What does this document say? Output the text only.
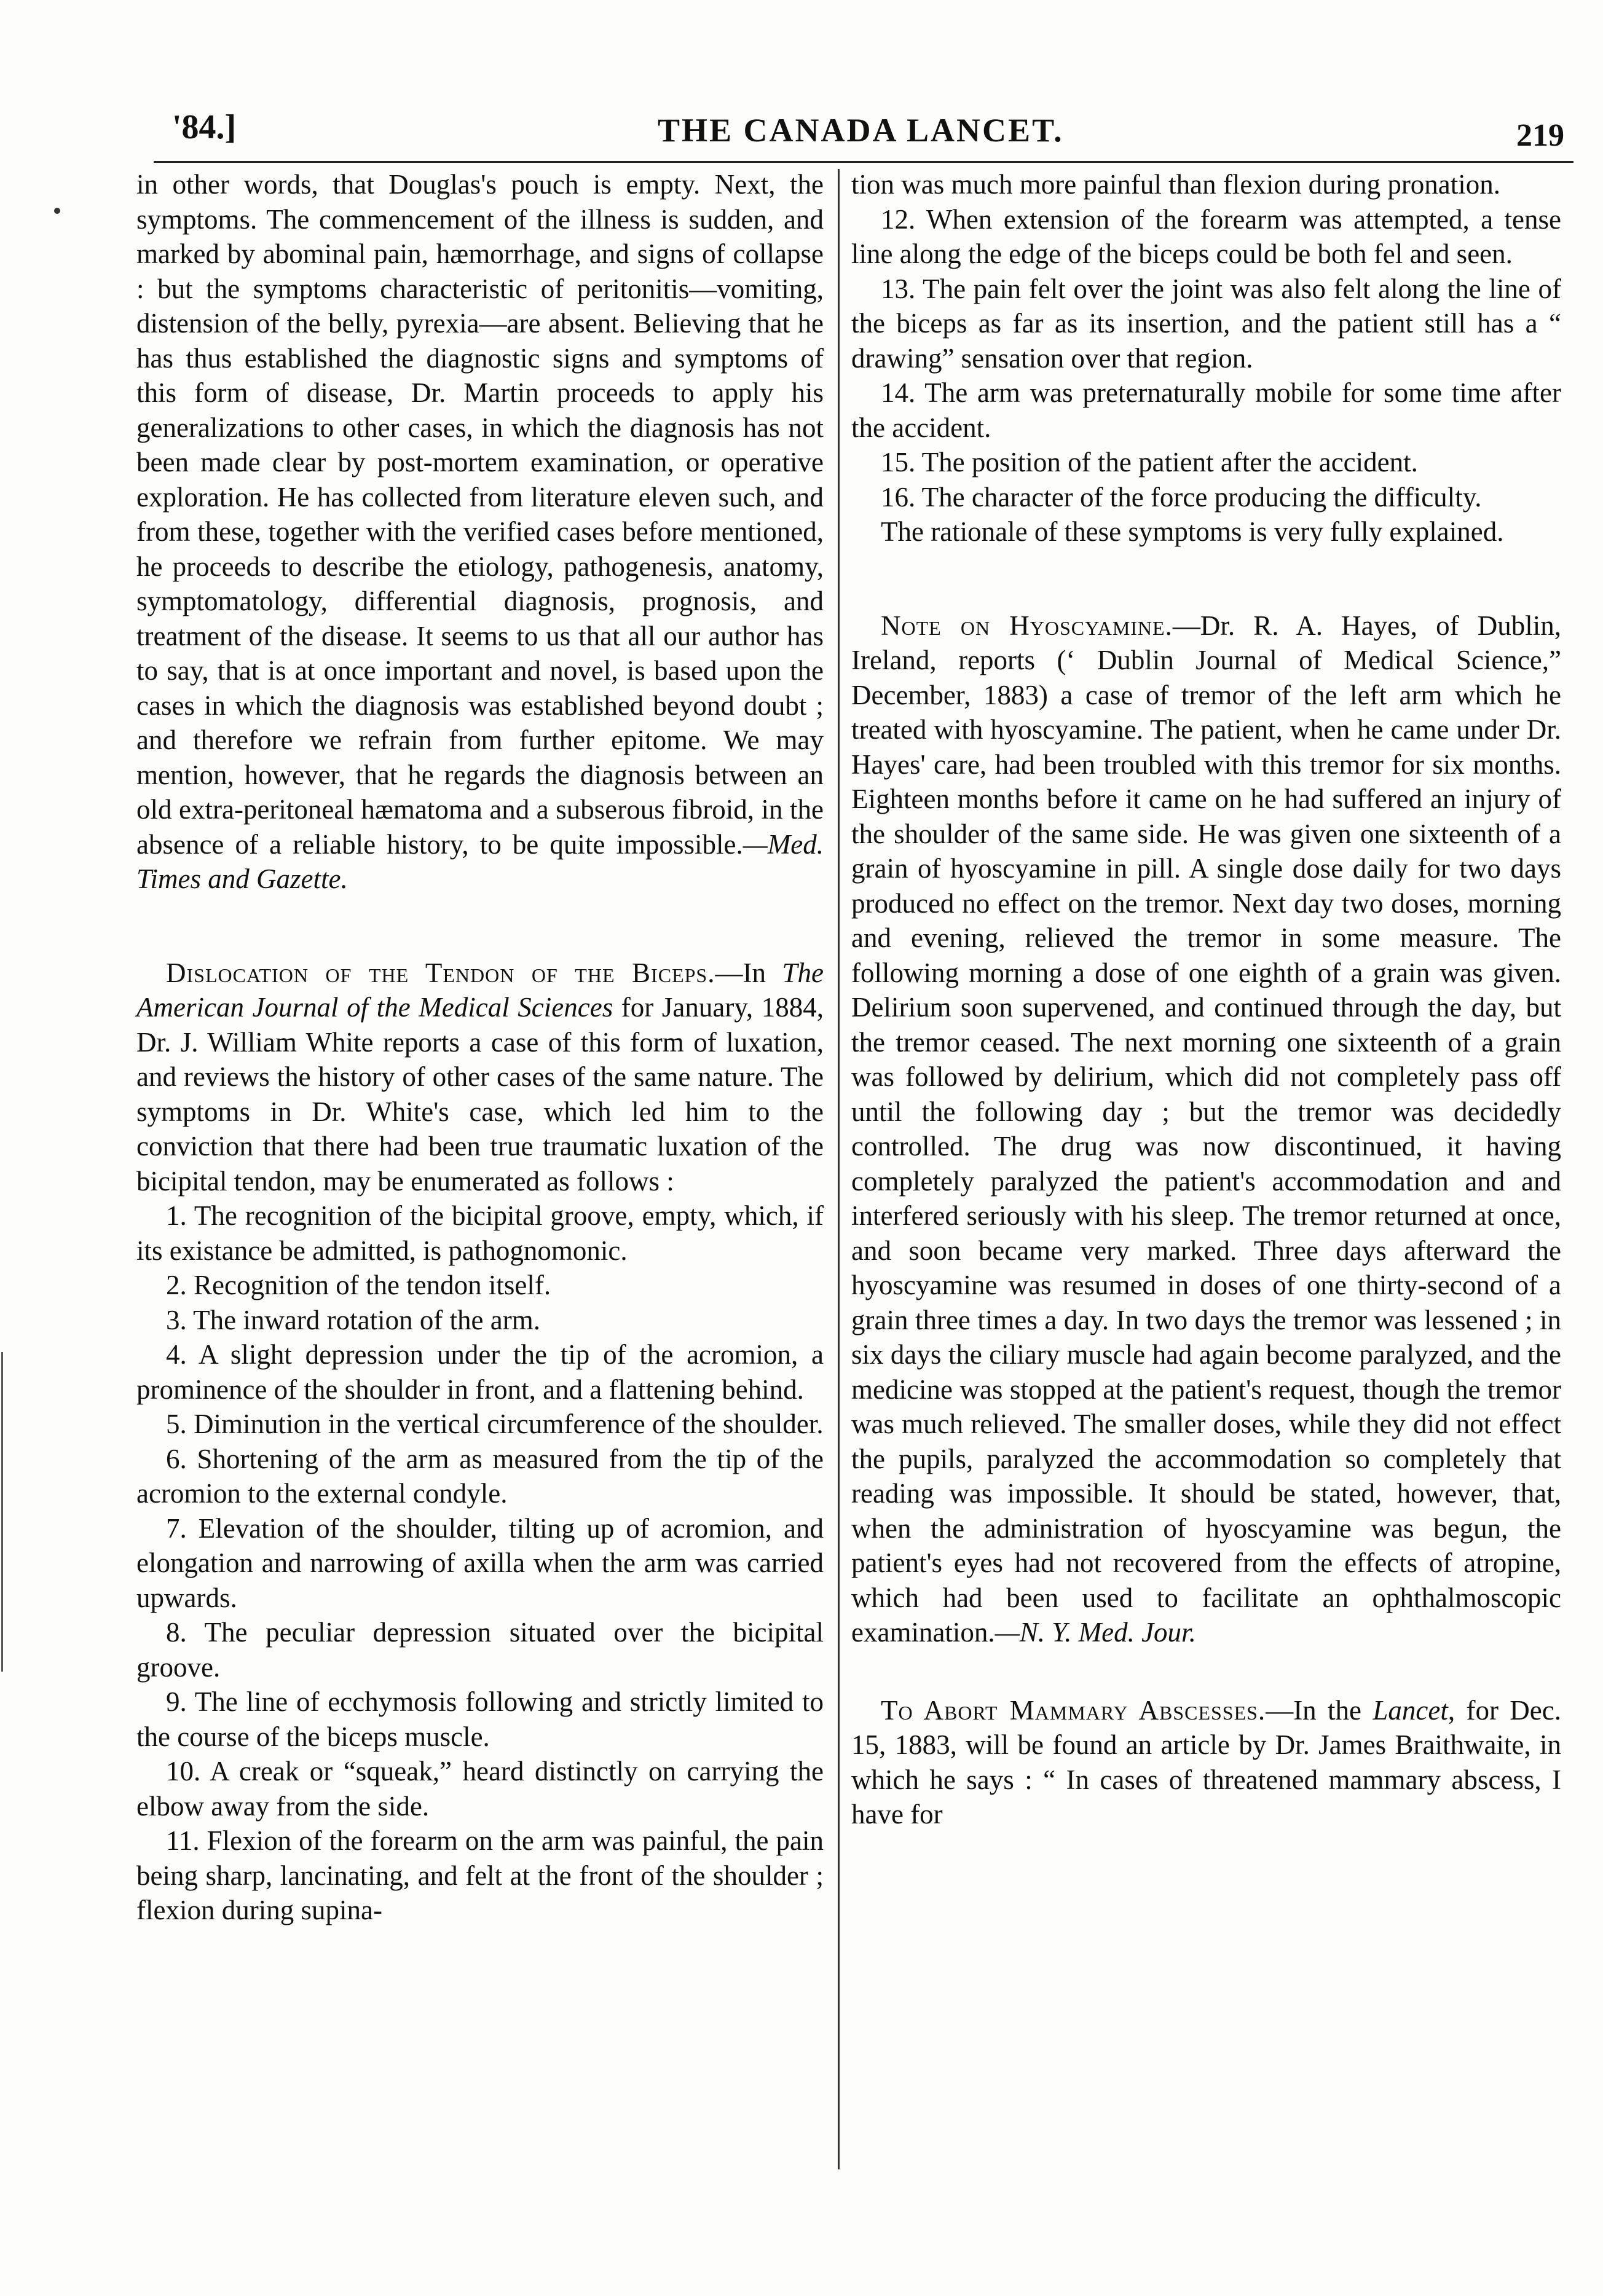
'84.]	THE CANADA LANCET.	219

in other words, that Douglas's pouch is empty. Next, the symptoms. The commencement of the illness is sudden, and marked by abominal pain, hæmorrhage, and signs of collapse : but the symptoms characteristic of peritonitis—vomiting, distension of the belly, pyrexia—are absent. Believing that he has thus established the diagnostic signs and symptoms of this form of disease, Dr. Martin proceeds to apply his generalizations to other cases, in which the diagnosis has not been made clear by post-mortem examination, or operative exploration. He has collected from literature eleven such, and from these, together with the verified cases before mentioned, he proceeds to describe the etiology, pathogenesis, anatomy, symptomatology, differential diagnosis, prognosis, and treatment of the disease. It seems to us that all our author has to say, that is at once important and novel, is based upon the cases in which the diagnosis was established beyond doubt ; and therefore we refrain from further epitome. We may mention, however, that he regards the diagnosis between an old extra-peritoneal hæmatoma and a subserous fibroid, in the absence of a reliable history, to be quite impossible.—Med. Times and Gazette.

Dislocation of the Tendon of the Biceps.—In The American Journal of the Medical Sciences for January, 1884, Dr. J. William White reports a case of this form of luxation, and reviews the history of other cases of the same nature. The symptoms in Dr. White's case, which led him to the conviction that there had been true traumatic luxation of the bicipital tendon, may be enumerated as follows :

1. The recognition of the bicipital groove, empty, which, if its existance be admitted, is pathognomonic.

2. Recognition of the tendon itself.

3. The inward rotation of the arm.

4. A slight depression under the tip of the acromion, a prominence of the shoulder in front, and a flattening behind.

5. Diminution in the vertical circumference of the shoulder.

6. Shortening of the arm as measured from the tip of the acromion to the external condyle.

7. Elevation of the shoulder, tilting up of acromion, and elongation and narrowing of axilla when the arm was carried upwards.

8. The peculiar depression situated over the bicipital groove.

9. The line of ecchymosis following and strictly limited to the course of the biceps muscle.

10. A creak or “squeak,” heard distinctly on carrying the elbow away from the side.

11. Flexion of the forearm on the arm was painful, the pain being sharp, lancinating, and felt at the front of the shoulder ; flexion during supina-

tion was much more painful than flexion during pronation.

12. When extension of the forearm was attempted, a tense line along the edge of the biceps could be both fel and seen.

13. The pain felt over the joint was also felt along the line of the biceps as far as its insertion, and the patient still has a “ drawing” sensation over that region.

14. The arm was preternaturally mobile for some time after the accident.

15. The position of the patient after the accident.

16. The character of the force producing the difficulty.

The rationale of these symptoms is very fully explained.

Note on Hyoscyamine.—Dr. R. A. Hayes, of Dublin, Ireland, reports (‘ Dublin Journal of Medical Science,” December, 1883) a case of tremor of the left arm which he treated with hyoscyamine. The patient, when he came under Dr. Hayes' care, had been troubled with this tremor for six months. Eighteen months before it came on he had suffered an injury of the shoulder of the same side. He was given one sixteenth of a grain of hyoscyamine in pill. A single dose daily for two days produced no effect on the tremor. Next day two doses, morning and evening, relieved the tremor in some measure. The following morning a dose of one eighth of a grain was given. Delirium soon supervened, and continued through the day, but the tremor ceased. The next morning one sixteenth of a grain was followed by delirium, which did not completely pass off until the following day ; but the tremor was decidedly controlled. The drug was now discontinued, it having completely paralyzed the patient's accommodation and and interfered seriously with his sleep. The tremor returned at once, and soon became very marked. Three days afterward the hyoscyamine was resumed in doses of one thirty-second of a grain three times a day. In two days the tremor was lessened ; in six days the ciliary muscle had again become paralyzed, and the medicine was stopped at the patient's request, though the tremor was much relieved. The smaller doses, while they did not effect the pupils, paralyzed the accommodation so completely that reading was impossible. It should be stated, however, that, when the administration of hyoscyamine was begun, the patient's eyes had not recovered from the effects of atropine, which had been used to facilitate an ophthalmoscopic examination.—N. Y. Med. Jour.

To Abort Mammary Abscesses.—In the Lancet, for Dec. 15, 1883, will be found an article by Dr. James Braithwaite, in which he says : “ In cases of threatened mammary abscess, I have for
